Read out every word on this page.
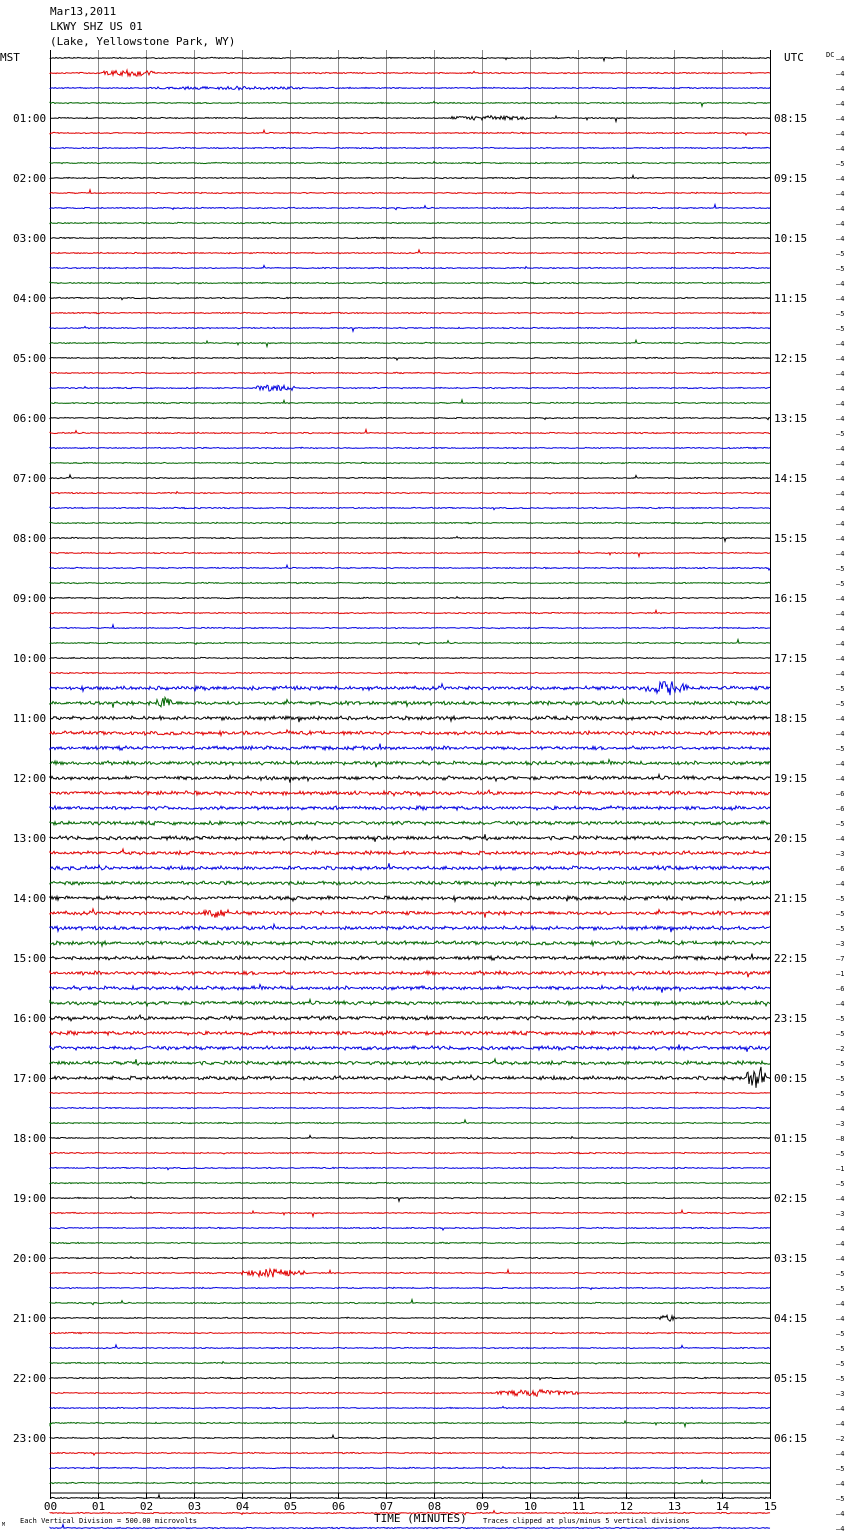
Mar13,2011
LKWY SHZ US 01
(Lake, Yellowstone Park, WY)
MST	UTC	DC
TIME (MINUTES)
Each Vertical Division = 500.00 microvolts	Traces clipped at plus/minus 5 vertical divisions
M
00	01	02	03	04	05	06	07	08	09	10	11	12	13	14	15
–4
–4
–4
–4
–4
–4
–4
–5
–4
–4
–4
–4
–4
–5
–5
–4
–4
–5
–5
–4
–4
–4
–4
–4
–4
–5
–4
–4
–4
–4
–4
–4
–4
–4
–5
–5
–4
–4
–4
–4
–4
–4
–5
–5
–4
–4
–5
–4
–4
–6
–6
–5
–4
–3
–6
–4
–5
–5
–5
–3
–7
–1
–6
–4
–5
–5
–2
–5
–5
–5
–4
–3
–8
–5
–1
–5
–4
–3
–4
–4
–4
–5
–5
–4
–4
–5
–5
–5
–5
–3
–4
–4
–2
–4
–5
–4
–5
–4
–4
01:00
02:00
03:00
04:00
05:00
06:00
07:00
08:00
09:00
10:00
11:00
12:00
13:00
14:00
15:00
16:00
17:00
18:00
19:00
20:00
21:00
22:00
23:00
08:15
09:15
10:15
11:15
12:15
13:15
14:15
15:15
16:15
17:15
18:15
19:15
20:15
21:15
22:15
23:15
00:15
01:15
02:15
03:15
04:15
05:15
06:15
